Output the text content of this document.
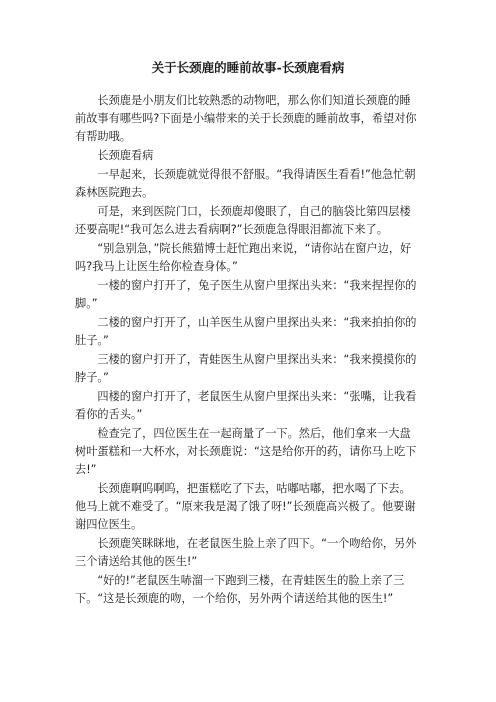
关于长颈鹿的睡前故事-长颈鹿看病

长颈鹿是小朋友们比较熟悉的动物吧，那么你们知道长颈鹿的睡前故事有哪些吗?下面是小编带来的关于长颈鹿的睡前故事，希望对你有帮助哦。

长颈鹿看病

一早起来，长颈鹿就觉得很不舒服。“我得请医生看看!”他急忙朝森林医院跑去。

可是，来到医院门口，长颈鹿却傻眼了，自己的脑袋比第四层楼还要高呢!“我可怎么进去看病啊?”长颈鹿急得眼泪都流下来了。

“别急别急，”院长熊猫博士赶忙跑出来说，“请你站在窗户边，好吗?我马上让医生给你检查身体。”

一楼的窗户打开了，兔子医生从窗户里探出头来：“我来捏捏你的脚。”

二楼的窗户打开了，山羊医生从窗户里探出头来：“我来拍拍你的肚子。”

三楼的窗户打开了，青蛙医生从窗户里探出头来：“我来摸摸你的脖子。”

四楼的窗户打开了，老鼠医生从窗户里探出头来：“张嘴，让我看看你的舌头。”

检查完了，四位医生在一起商量了一下。然后，他们拿来一大盘树叶蛋糕和一大杯水，对长颈鹿说：“这是给你开的药，请你马上吃下去!”

长颈鹿啊呜啊呜，把蛋糕吃了下去，咕嘟咕嘟，把水喝了下去。他马上就不难受了。“原来我是渴了饿了呀!”长颈鹿高兴极了。他要谢谢四位医生。

长颈鹿笑眯眯地，在老鼠医生脸上亲了四下。“一个吻给你，另外三个请送给其他的医生!”

“好的!”老鼠医生哧溜一下跑到三楼，在青蛙医生的脸上亲了三下。“这是长颈鹿的吻，一个给你，另外两个请送给其他的医生!”
